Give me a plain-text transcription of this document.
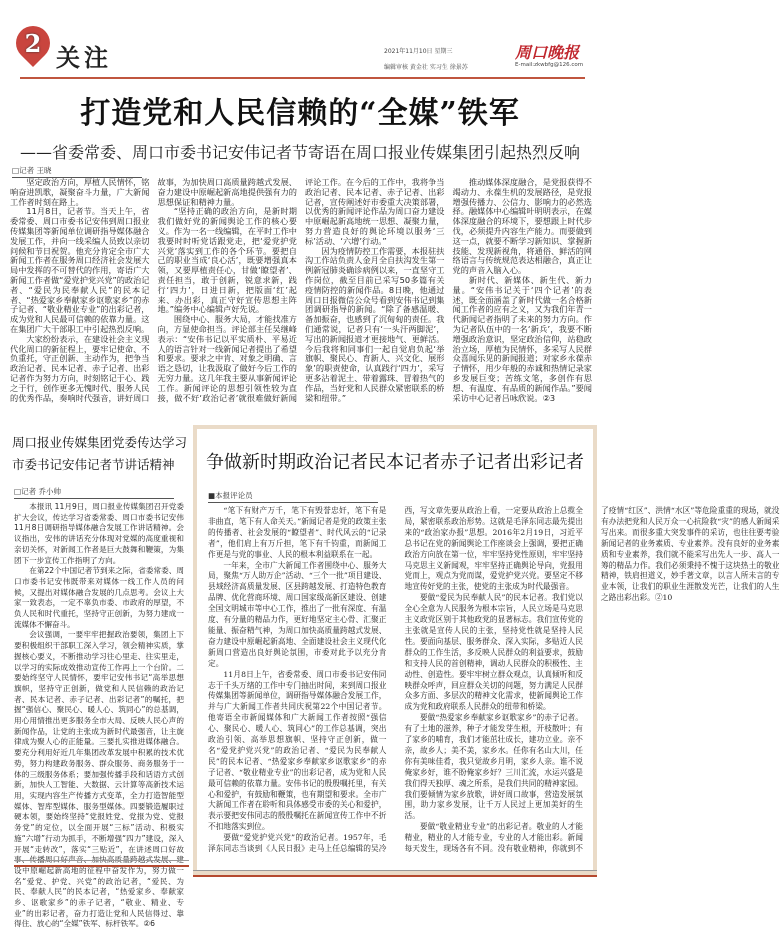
2 关注	2021年11月10日 星期三
编辑审核 黄金社 实习生 徐景苏
周口晚报
E-mail:zkwbfg@126.com
打造党和人民信赖的“全媒”铁军
——省委常委、周口市委书记安伟记者节寄语在周口报业传媒集团引起热烈反响
□记者 王晓

坚定政治方向，厚植人民情怀，铭响奋进凯歌，凝聚奋斗力量，广大新闻工作者时刻在路上。

11月8日，记者节。当天上午，省委常委、周口市委书记安伟到周口报业传媒集团等新闻单位调研指导媒体融合发展工作，并向一线采编人员致以亲切问候和节日祝贺。他充分肯定全市广大新闻工作者在服务周口经济社会发展大局中发挥的不可替代的作用，寄语广大新闻工作者做“爱党护党兴党”的政治记者、“爱民为民奉献人民”的民本记者、“热爱家乡奉献家乡讴歌家乡”的赤子记者、“敬业精业专业”的出彩记者，成为党和人民最可信赖的依靠力量。这在集团广大干部职工中引起热烈反响。

大家纷纷表示，在建设社会主义现代化周口的新征程上，要牢记使命、不负重托，守正创新、主动作为，把争当政治记者、民本记者、赤子记者、出彩记者作为努力方向，时刻铭记于心、践之于行，创作更多无愧时代、服务人民的优秀作品，奏响时代强音，讲好周口故事，为加快周口高质量跨越式发展、奋力建设中原崛起新高地提供强有力的思想保证和精神力量。

“坚持正确的政治方向，是新时期我们做好党的新闻舆论工作的核心要义。作为一名一线编辑，在平时工作中我要时时听党话跟党走，把‘爱党护党兴党’落实到工作的各个环节。要把自己的职业当成‘良心活’，既要增强真本领，又要厚植责任心，甘做‘瞭望者’、责任担当，敢于创新，锐意求新，践行‘四力’，日进日新，把版面‘红’起来、办出彩，真正守好宣传思想主阵地。”编务中心编辑卢好先说。

围绕中心、服务大局，才能找准方向，方显使命担当。评论部主任吴继峰表示：“安伟书记以平实质朴、平易近人的语言针对一线新闻记者提出了希望和要求。要求之中肯、对象之明确、言语之恳切，让我汲取了做好今后工作的无穷力量。这几年我主要从事新闻评论工作。新闻评论的思想引领性较为直接，做不好‘政治记者’就很难做好新闻评论工作。在今后的工作中，我将争当政治记者、民本记者、赤子记者、出彩记者，宣传阐述好市委重大决策部署，以优秀的新闻评论作品为周口奋力建设中原崛起新高地统一思想、凝聚力量，努力营造良好的舆论环境以服务‘三标’活动、‘六增’行动。”

因为疫情防控工作需要，本报驻扶沟工作站负责人金月全自扶沟发生第一例新冠肺炎确诊病例以来，一直坚守工作岗位，截至目前已采写50多篇有关疫情防控的新闻作品。8日晚，他通过周口日报微信公众号看到安伟书记到集团调研指导的新闻。“除了备感温暖、备加振奋，也感到了沉甸甸的责任。我们通常说，记者只有‘一头汗两脚泥’，写出的新闻报道才更接地气、更鲜活。今后我将和同事们一起自觉肩负起‘举旗帜、聚民心、育新人、兴文化、展形象’的职责使命，认真践行‘四力’，采写更多沾着泥土、带着露珠、冒着热气的作品，当好党和人民群众紧密联系的桥梁和纽带。”

推动媒体深度融合，是党报获得不竭动力、永葆生机的发展路径，是党报增强传播力、公信力、影响力的必然选择。融媒体中心编辑叶明明表示，在媒体深度融合的环境下，要想跟上时代步伐，必须提升内容生产能力。而要做到这一点，就要不断学习新知识、掌握新技能、发现新视角，将通俗、鲜活的网络语言与传统规范表达相融合，真正让党的声音入脑入心。

新时代、新媒体、新生代、新力量。“安伟书记关于‘四个记者’的表述，既全面涵盖了新时代做一名合格新闻工作者的应有之义，又为我们年青一代新闻记者指明了未来的努力方向。作为记者队伍中的一名‘新兵’，我要不断增强政治意识，坚定政治信仰，站稳政治立场，厚植为民情怀，多采写人民群众喜闻乐见的新闻报道；对家乡永葆赤子情怀，用少年般的赤诚和热情记录家乡发展巨变；苦练文笔，多创作有思想、有温度、有品质的新闻作品。”要闻采访中心记者吕咏欣说。②3

周口报业传媒集团党委传达学习市委书记安伟记者节讲话精神
□记者 乔小帅

本报讯 11月9日，周口报业传媒集团召开党委扩大会议，传达学习省委常委、周口市委书记安伟11月8日调研指导媒体融合发展工作讲话精神。会议指出，安伟的讲话充分体现对党媒的高度重视和亲切关怀，对新闻工作者是巨大鼓舞和鞭策，为集团下一步宣传工作指明了方向。

在第22个中国记者节到来之际，省委常委、周口市委书记安伟既带来对媒体一线工作人员的问候，又提出对媒体融合发展的几点思考。会议上大家一致表态，一定不辜负市委、市政府的厚望，不负人民和时代重托，坚持守正创新，为努力建成一流媒体不懈奋斗。

会议强调，一要牢牢把握政治要领，集团上下要积极组织干部职工深入学习，领会精神实质，掌握核心要义，不断推动学习往心里走、往实里走，以学习的实际成效推动宣传工作再上一个台阶。二要始终坚守人民情怀，要牢记安伟书记“高举思想旗帜，坚持守正创新，做党和人民信赖的政治记者、民本记者、赤子记者、出彩记者”的嘱托，把握“强信心、聚民心、暖人心、筑同心”的总基调，用心用情推出更多服务全市大局、反映人民心声的新闻作品，让党的主张成为新时代最强音，让主旋律成为聚人心的正能量。三要扎实推进媒体融合。要充分利用好近几年集团改革发展中积累的技术优势，努力构建政务服务、群众服务、商务服务于一体的三级服务体系；要加强传播手段和话语方式创新，加快人工智能、大数据、云计算等高新技术运用，实现内容生产传播方式变革，全力打造智能型媒体、智库型媒体、服务型媒体。四要锻造履职过硬本领，要始终坚持“党报姓党、党报为党、党报务党”的定位，以全面开展“三标”活动、积极实施“六增”行动为抓手，不断增强“四力”建设，深入开展“走转改”，落实“三贴近”，在讲述周口好故事、传播周口好声音、加快高质量跨越式发展、建设中原崛起新高地的征程中奋发作为，努力做一名“爱党、护党、兴党”的政治记者，“爱民、为民、奉献人民”的民本记者，“热爱家乡、奉献家乡、讴歌家乡”的赤子记者，“敬业、精业、专业”的出彩记者，奋力打造让党和人民信得过、靠得住、放心的“全媒”铁军、标杆铁军。②6

争做新时期政治记者民本记者赤子记者出彩记者
■本报评论员

“笔下有财产万千，笔下有毁誉忠奸，笔下有是非曲直，笔下有人命关天。”新闻记者是党的政策主张的传播者、社会发展的“瞭望者”、时代风云的“记录者”，他们肩上有万斤担，笔下有千钧重，而新闻工作更是与党的事业、人民的根本利益联系在一起。

一年来，全市广大新闻工作者围绕中心、服务大局，聚焦“万人助万企”活动、“三个一批”项目建设、县域经济高质量发展、区县跨越发展、打造特色教育品牌、优化营商环境、周口国家级高新区建设、创建全国文明城市等中心工作，推出了一批有深度、有温度、有分量的精品力作，更好地坚定主心骨、汇聚正能量、振奋精气神，为周口加快高质量跨越式发展、奋力建设中原崛起新高地、全面建设社会主义现代化新周口营造出良好舆论氛围，市委对此予以充分肯定。

11月8日上午，省委常委、周口市委书记安伟同志于千头万绪的工作中专门抽出时间，来到周口报业传媒集团等新闻单位，调研指导媒体融合发展工作，并与广大新闻工作者共同庆祝第22个中国记者节。他寄语全市新闻媒体和广大新闻工作者按照“强信心、聚民心、暖人心、筑同心”的工作总基调，突出政治引领、高举思想旗帜、坚持守正创新，做一名“爱党护党兴党”的政治记者、“爱民为民奉献人民”的民本记者、“热爱家乡奉献家乡讴歌家乡”的赤子记者、“敬业精业专业”的出彩记者，成为党和人民最可信赖的依靠力量。安伟书记的殷殷嘱托里，有关心和爱护，有鼓励和鞭策，也有期望和要求。全市广大新闻工作者在聆听和具体感受市委的关心和爱护，表示要把安伟同志的殷殷嘱托在新闻宣传工作中不折不扣地落实到位。

要做“爱党护党兴党”的政治记者。1957年，毛泽东同志当谈到《人民日报》走马上任总编辑的吴冷西，写文章先要从政治上看，一定要从政治上总揽全局，紧密联系政治形势。这就是毛泽东同志最先提出来的“政治家办报”思想。2016年2月19日，习近平总书记在党的新闻舆论工作座谈会上强调，要把正确政治方向放在第一位，牢牢坚持党性原则，牢牢坚持马克思主义新闻观，牢牢坚持正确舆论导向，党报用党而上，观点为党而谋，爱党护党兴党。要坚定不移地宣传好党的主张，使党的主张成为时代最强音。

要做“爱民为民奉献人民”的民本记者。我们党以全心全意为人民服务为根本宗旨，人民立场是马克思主义政党区别于其他政党的显著标志。我们宣传党的主张就是宣传人民的主张，坚持党性就是坚持人民性。要面向基层、服务群众、深入实际，多贴近人民群众的工作生活，多反映人民群众的利益要求，鼓励和支持人民的首创精神，调动人民群众的积极性、主动性、创造性。要牢牢树立群众观点，认真倾听和反映群众呼声，回应群众关切的问题，努力满足人民群众多方面、多层次的精神文化需求，使新闻舆论工作成为党和政府联系人民群众的纽带和桥梁。

要做“热爱家乡奉献家乡讴歌家乡”的赤子记者。有了土地的滋养，种子才能发芽生根，开枝散叶；有了家乡的哺育，我们才能茁壮成长，建功立业。亲不亲，故乡人；美不美，家乡水。任你有名山大川，任你有美味佳肴，我只觉故乡月明，家乡人亲。谁不说俺家乡好，谁不盼俺家乡好？三川汇流，水运兴盛是我们得天独厚、魂之所系，是我们共同的精神家园。我们要倾情为家乡放歌，讲好周口故事，营造发展氛围，助力家乡发展，让千万人民过上更加美好的生活。

要做“敬业精业专业”的出彩记者。敬业的人才能精业，精业的人才能专业，专业的人才能出彩。新闻每天发生，现场各有不同。没有敬业精神，你就到不了疫情“红区”、洪情“水区”等危险重重的现场，就没有办法把党和人民万众一心抗险救“灾”的感人新闻采写出来。而很多重大突发事件的采访，也往往要考验新闻记者的业务素质、专业素养。没有良好的业务素质和专业素养，我们就不能采写出先人一步、高人一筹的精品力作。我们必须秉持不愧于这块热土的敬业精神，铁肩担道义，妙手著文章，以言人所未言的专业本领，让我们的职业生涯散发光芒，让我们的人生之路出彩出彩。②10
